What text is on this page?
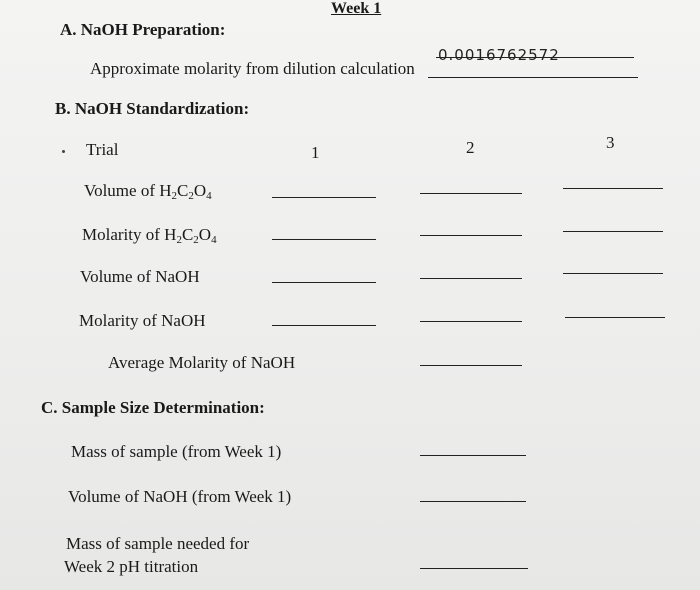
Week 1
A. NaOH Preparation:
Approximate molarity from dilution calculation
0.0016762572
B. NaOH Standardization:
Trial	1	2	3
Volume of $H_2C_2O_4$
Molarity of $H_2C_2O_4$
Volume of NaOH
Molarity of NaOH
Average Molarity of NaOH
C. Sample Size Determination:
Mass of sample (from Week 1)
Volume of NaOH (from Week 1)
Mass of sample needed for
Week 2 pH titration
